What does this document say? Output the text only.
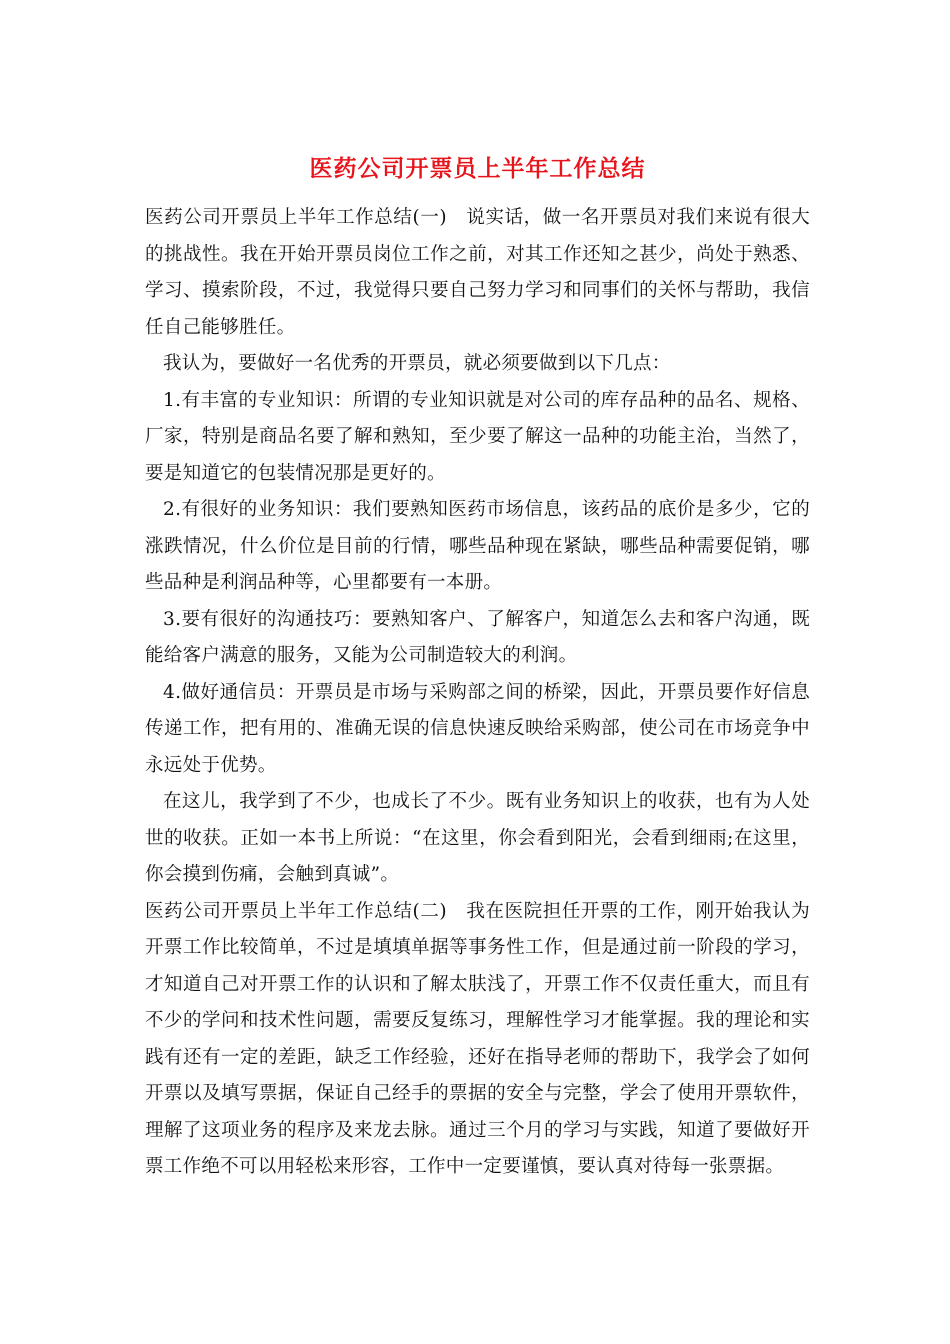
医药公司开票员上半年工作总结

医药公司开票员上半年工作总结(一)　说实话，做一名开票员对我们来说有很大的挑战性。我在开始开票员岗位工作之前，对其工作还知之甚少，尚处于熟悉、学习、摸索阶段，不过，我觉得只要自己努力学习和同事们的关怀与帮助，我信任自己能够胜任。

我认为，要做好一名优秀的开票员，就必须要做到以下几点：

1.有丰富的专业知识：所谓的专业知识就是对公司的库存品种的品名、规格、厂家，特别是商品名要了解和熟知，至少要了解这一品种的功能主治，当然了，要是知道它的包装情况那是更好的。

2.有很好的业务知识：我们要熟知医药市场信息，该药品的底价是多少，它的涨跌情况，什么价位是目前的行情，哪些品种现在紧缺，哪些品种需要促销，哪些品种是利润品种等，心里都要有一本册。

3.要有很好的沟通技巧：要熟知客户、了解客户，知道怎么去和客户沟通，既能给客户满意的服务，又能为公司制造较大的利润。

4.做好通信员：开票员是市场与采购部之间的桥梁，因此，开票员要作好信息传递工作，把有用的、准确无误的信息快速反映给采购部，使公司在市场竞争中永远处于优势。

在这儿，我学到了不少，也成长了不少。既有业务知识上的收获，也有为人处世的收获。正如一本书上所说：“在这里，你会看到阳光，会看到细雨;在这里，你会摸到伤痛，会触到真诚”。

医药公司开票员上半年工作总结(二)　我在医院担任开票的工作，刚开始我认为开票工作比较简单，不过是填填单据等事务性工作，但是通过前一阶段的学习，才知道自己对开票工作的认识和了解太肤浅了，开票工作不仅责任重大，而且有不少的学问和技术性问题，需要反复练习，理解性学习才能掌握。我的理论和实践有还有一定的差距，缺乏工作经验，还好在指导老师的帮助下，我学会了如何开票以及填写票据，保证自己经手的票据的安全与完整，学会了使用开票软件，理解了这项业务的程序及来龙去脉。通过三个月的学习与实践，知道了要做好开票工作绝不可以用轻松来形容，工作中一定要谨慎，要认真对待每一张票据。
